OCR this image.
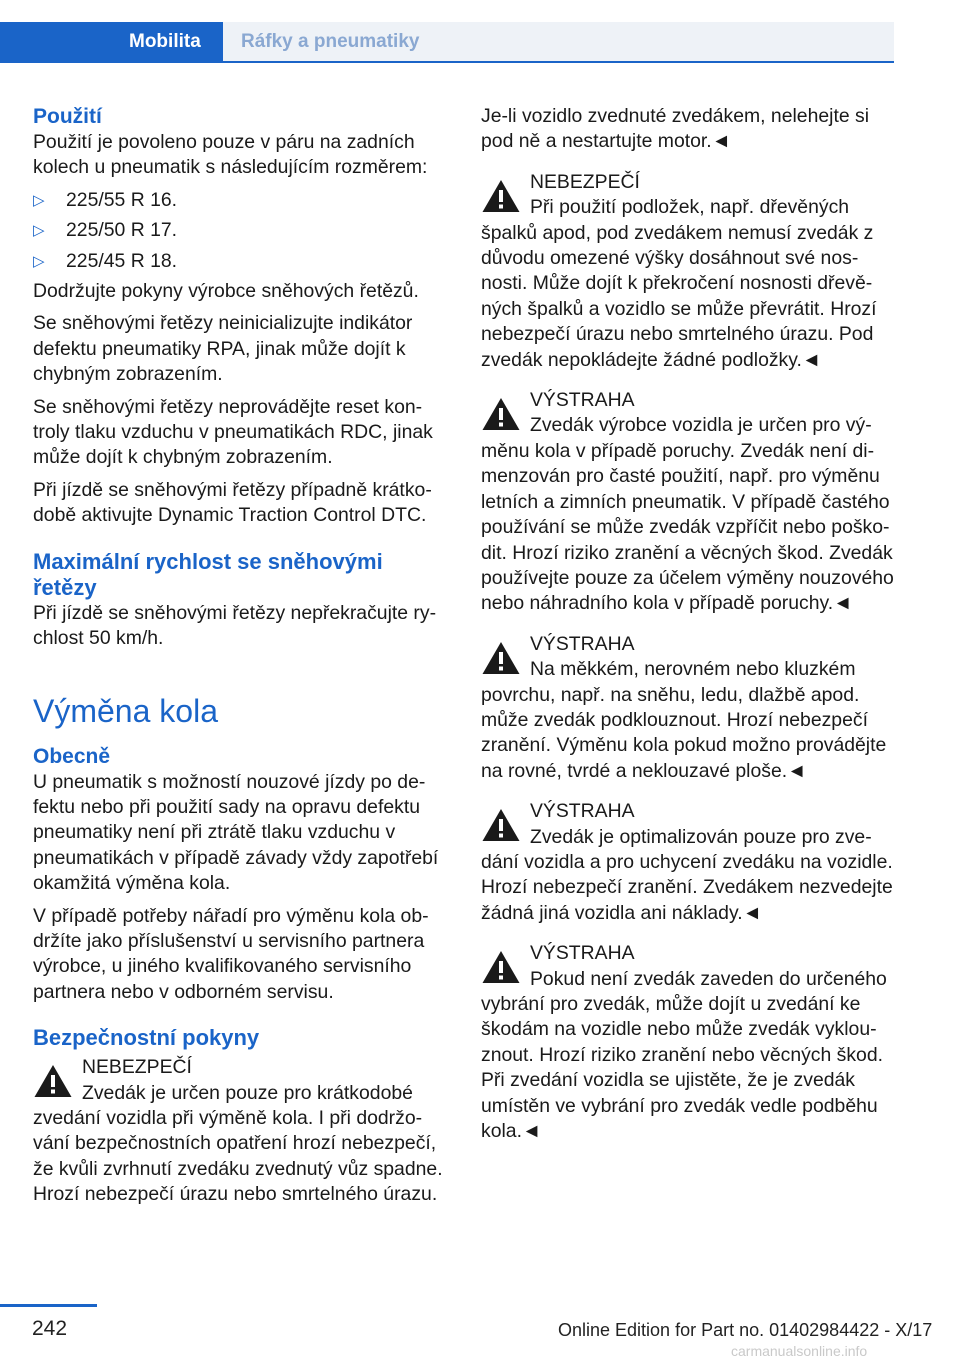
Mobilita	Ráfky a pneumatiky
Použití

Použití je povoleno pouze v páru na zadních kolech u pneumatik s následujícím rozměrem:

▷ 225/55 R 16.
▷ 225/50 R 17.
▷ 225/45 R 18.

Dodržujte pokyny výrobce sněhových řetězů.

Se sněhovými řetězy neinicializujte indikátor defektu pneumatiky RPA, jinak může dojít k chybným zobrazením.

Se sněhovými řetězy neprovádějte reset kontroly tlaku vzduchu v pneumatikách RDC, jinak může dojít k chybným zobrazením.

Při jízdě se sněhovými řetězy případně krátkodobě aktivujte Dynamic Traction Control DTC.

Maximální rychlost se sněhovými řetězy

Při jízdě se sněhovými řetězy nepřekračujte rychlost 50 km/h.

Výměna kola
Obecně

U pneumatik s možností nouzové jízdy po defektu nebo při použití sady na opravu defektu pneumatiky není při ztrátě tlaku vzduchu v pneumatikách v případě závady vždy zapotřebí okamžitá výměna kola.

V případě potřeby nářadí pro výměnu kola obdržíte jako příslušenství u servisního partnera výrobce, u jiného kvalifikovaného servisního partnera nebo v odborném servisu.

Bezpečnostní pokyny

NEBEZPEČÍ

Zvedák je určen pouze pro krátkodobé zvedání vozidla při výměně kola. I při dodržování bezpečnostních opatření hrozí nebezpečí, že kvůli zvrhnutí zvedáku zvednutý vůz spadne. Hrozí nebezpečí úrazu nebo smrtelného úrazu.

Je-li vozidlo zvednuté zvedákem, nelehejte si pod ně a nestartujte motor.◄

NEBEZPEČÍ

Při použití podložek, např. dřevěných špalků apod, pod zvedákem nemusí zvedák z důvodu omezené výšky dosáhnout své nosnosti. Může dojít k překročení nosnosti dřevěných špalků a vozidlo se může převrátit. Hrozí nebezpečí úrazu nebo smrtelného úrazu. Pod zvedák nepokládejte žádné podložky.◄

VÝSTRAHA

Zvedák výrobce vozidla je určen pro výměnu kola v případě poruchy. Zvedák není dimenzován pro časté použití, např. pro výměnu letních a zimních pneumatik. V případě častého používání se může zvedák vzpříčit nebo poškodit. Hrozí riziko zranění a věcných škod. Zvedák používejte pouze za účelem výměny nouzového nebo náhradního kola v případě poruchy.◄

VÝSTRAHA

Na měkkém, nerovném nebo kluzkém povrchu, např. na sněhu, ledu, dlažbě apod. může zvedák podklouznout. Hrozí nebezpečí zranění. Výměnu kola pokud možno provádějte na rovné, tvrdé a neklouzavé ploše.◄

VÝSTRAHA

Zvedák je optimalizován pouze pro zvedání vozidla a pro uchycení zvedáku na vozidle. Hrozí nebezpečí zranění. Zvedákem nezvedejte žádná jiná vozidla ani náklady.◄

VÝSTRAHA

Pokud není zvedák zaveden do určeného vybrání pro zvedák, může dojít u zvedání ke škodám na vozidle nebo může zvedák vyklouznout. Hrozí riziko zranění nebo věcných škod. Při zvedání vozidla se ujistěte, že je zvedák umístěn ve vybrání pro zvedák vedle podběhu kola.◄

242	Online Edition for Part no. 01402984422 - X/17
carmanualsonline.info
